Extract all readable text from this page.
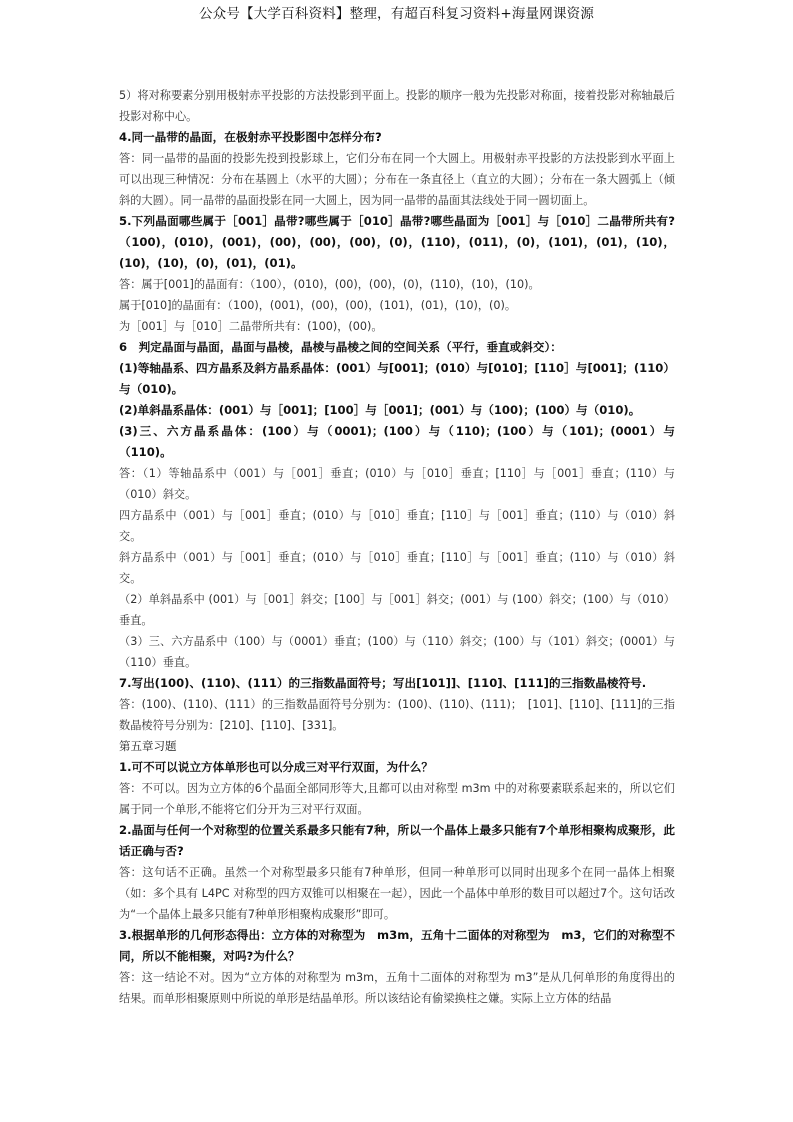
公众号【大学百科资料】整理，有超百科复习资料+海量网课资源

5）将对称要素分别用极射赤平投影的方法投影到平面上。投影的顺序一般为先投影对称面，接着投影对称轴最后投影对称中心。

4.同一晶带的晶面，在极射赤平投影图中怎样分布?

答：同一晶带的晶面的投影先投到投影球上，它们分布在同一个大圆上。用极射赤平投影的方法投影到水平面上可以出现三种情况：分布在基圆上（水平的大圆）；分布在一条直径上（直立的大圆）；分布在一条大圆弧上（倾斜的大圆）。同一晶带的晶面投影在同一大圆上，因为同一晶带的晶面其法线处于同一圆切面上。

5.下列晶面哪些属于［001］晶带?哪些属于［010］晶带?哪些晶面为［001］与［010］二晶带所共有?（100)，(010)，(001)，(00)，(00)，(00)，(0)，(110)，(011)，(0)，(101)，(01)，(10)，(10)，(10)，(0)，(01)，(01)。

答：属于[001]的晶面有：（100），(010)，(00)，(00)，(0)，(110)，(10)，(10)。

属于[010]的晶面有：（100)，(001)，(00)，(00)，(101)，(01)，(10)，(0)。

为［001］与［010］二晶带所共有：(100)，(00)。

6　判定晶面与晶面，晶面与晶棱，晶棱与晶棱之间的空间关系（平行，垂直或斜交）：

(1)等轴晶系、四方晶系及斜方晶系晶体：(001）与[001]；(010）与[010]；[110］与[001]；(110）与（010)。

(2)单斜晶系晶体：(001）与［001]；[100］与［001]；(001）与（100)；(100）与（010)。

(3)三、六方晶系晶体：(100）与（0001)；(100）与（110)；(100）与（101)；(0001）与（110)。

答：（1）等轴晶系中（001）与［001］垂直；(010）与［010］垂直；[110］与［001］垂直；(110）与（010）斜交。

四方晶系中（001）与［001］垂直；(010）与［010］垂直；[110］与［001］垂直；(110）与（010）斜交。

斜方晶系中（001）与［001］垂直；(010）与［010］垂直；[110］与［001］垂直；(110）与（010）斜交。

（2）单斜晶系中 (001）与［001］斜交；[100］与［001］斜交；(001）与 (100）斜交；(100）与（010）垂直。

（3）三、六方晶系中（100）与（0001）垂直；(100）与（110）斜交；(100）与（101）斜交；(0001）与（110）垂直。

7.写出(100)、(110)、(111）的三指数晶面符号；写出[101]]、[110]、[111]的三指数晶棱符号.

答：(100)、(110)、(111）的三指数晶面符号分别为：(100)、(110)、(111)；　[101]、[110]、[111]的三指数晶棱符号分别为：[210]、[110]、[331]。

第五章习题

1.可不可以说立方体单形也可以分成三对平行双面，为什么？

答：不可以。因为立方体的6个晶面全部同形等大,且都可以由对称型 m3m 中的对称要素联系起来的，所以它们属于同一个单形,不能将它们分开为三对平行双面。

2.晶面与任何一个对称型的位置关系最多只能有7种，所以一个晶体上最多只能有7个单形相聚构成聚形，此话正确与否?

答：这句话不正确。虽然一个对称型最多只能有7种单形，但同一种单形可以同时出现多个在同一晶体上相聚（如：多个具有 L4PC 对称型的四方双锥可以相聚在一起），因此一个晶体中单形的数目可以超过7个。这句话改为“一个晶体上最多只能有7种单形相聚构成聚形”即可。

3.根据单形的几何形态得出：立方体的对称型为　m3m，五角十二面体的对称型为　m3，它们的对称型不同，所以不能相聚，对吗?为什么？

答：这一结论不对。因为“立方体的对称型为 m3m，五角十二面体的对称型为 m3”是从几何单形的角度得出的结果。而单形相聚原则中所说的单形是结晶单形。所以该结论有偷梁换柱之嫌。实际上立方体的结晶
